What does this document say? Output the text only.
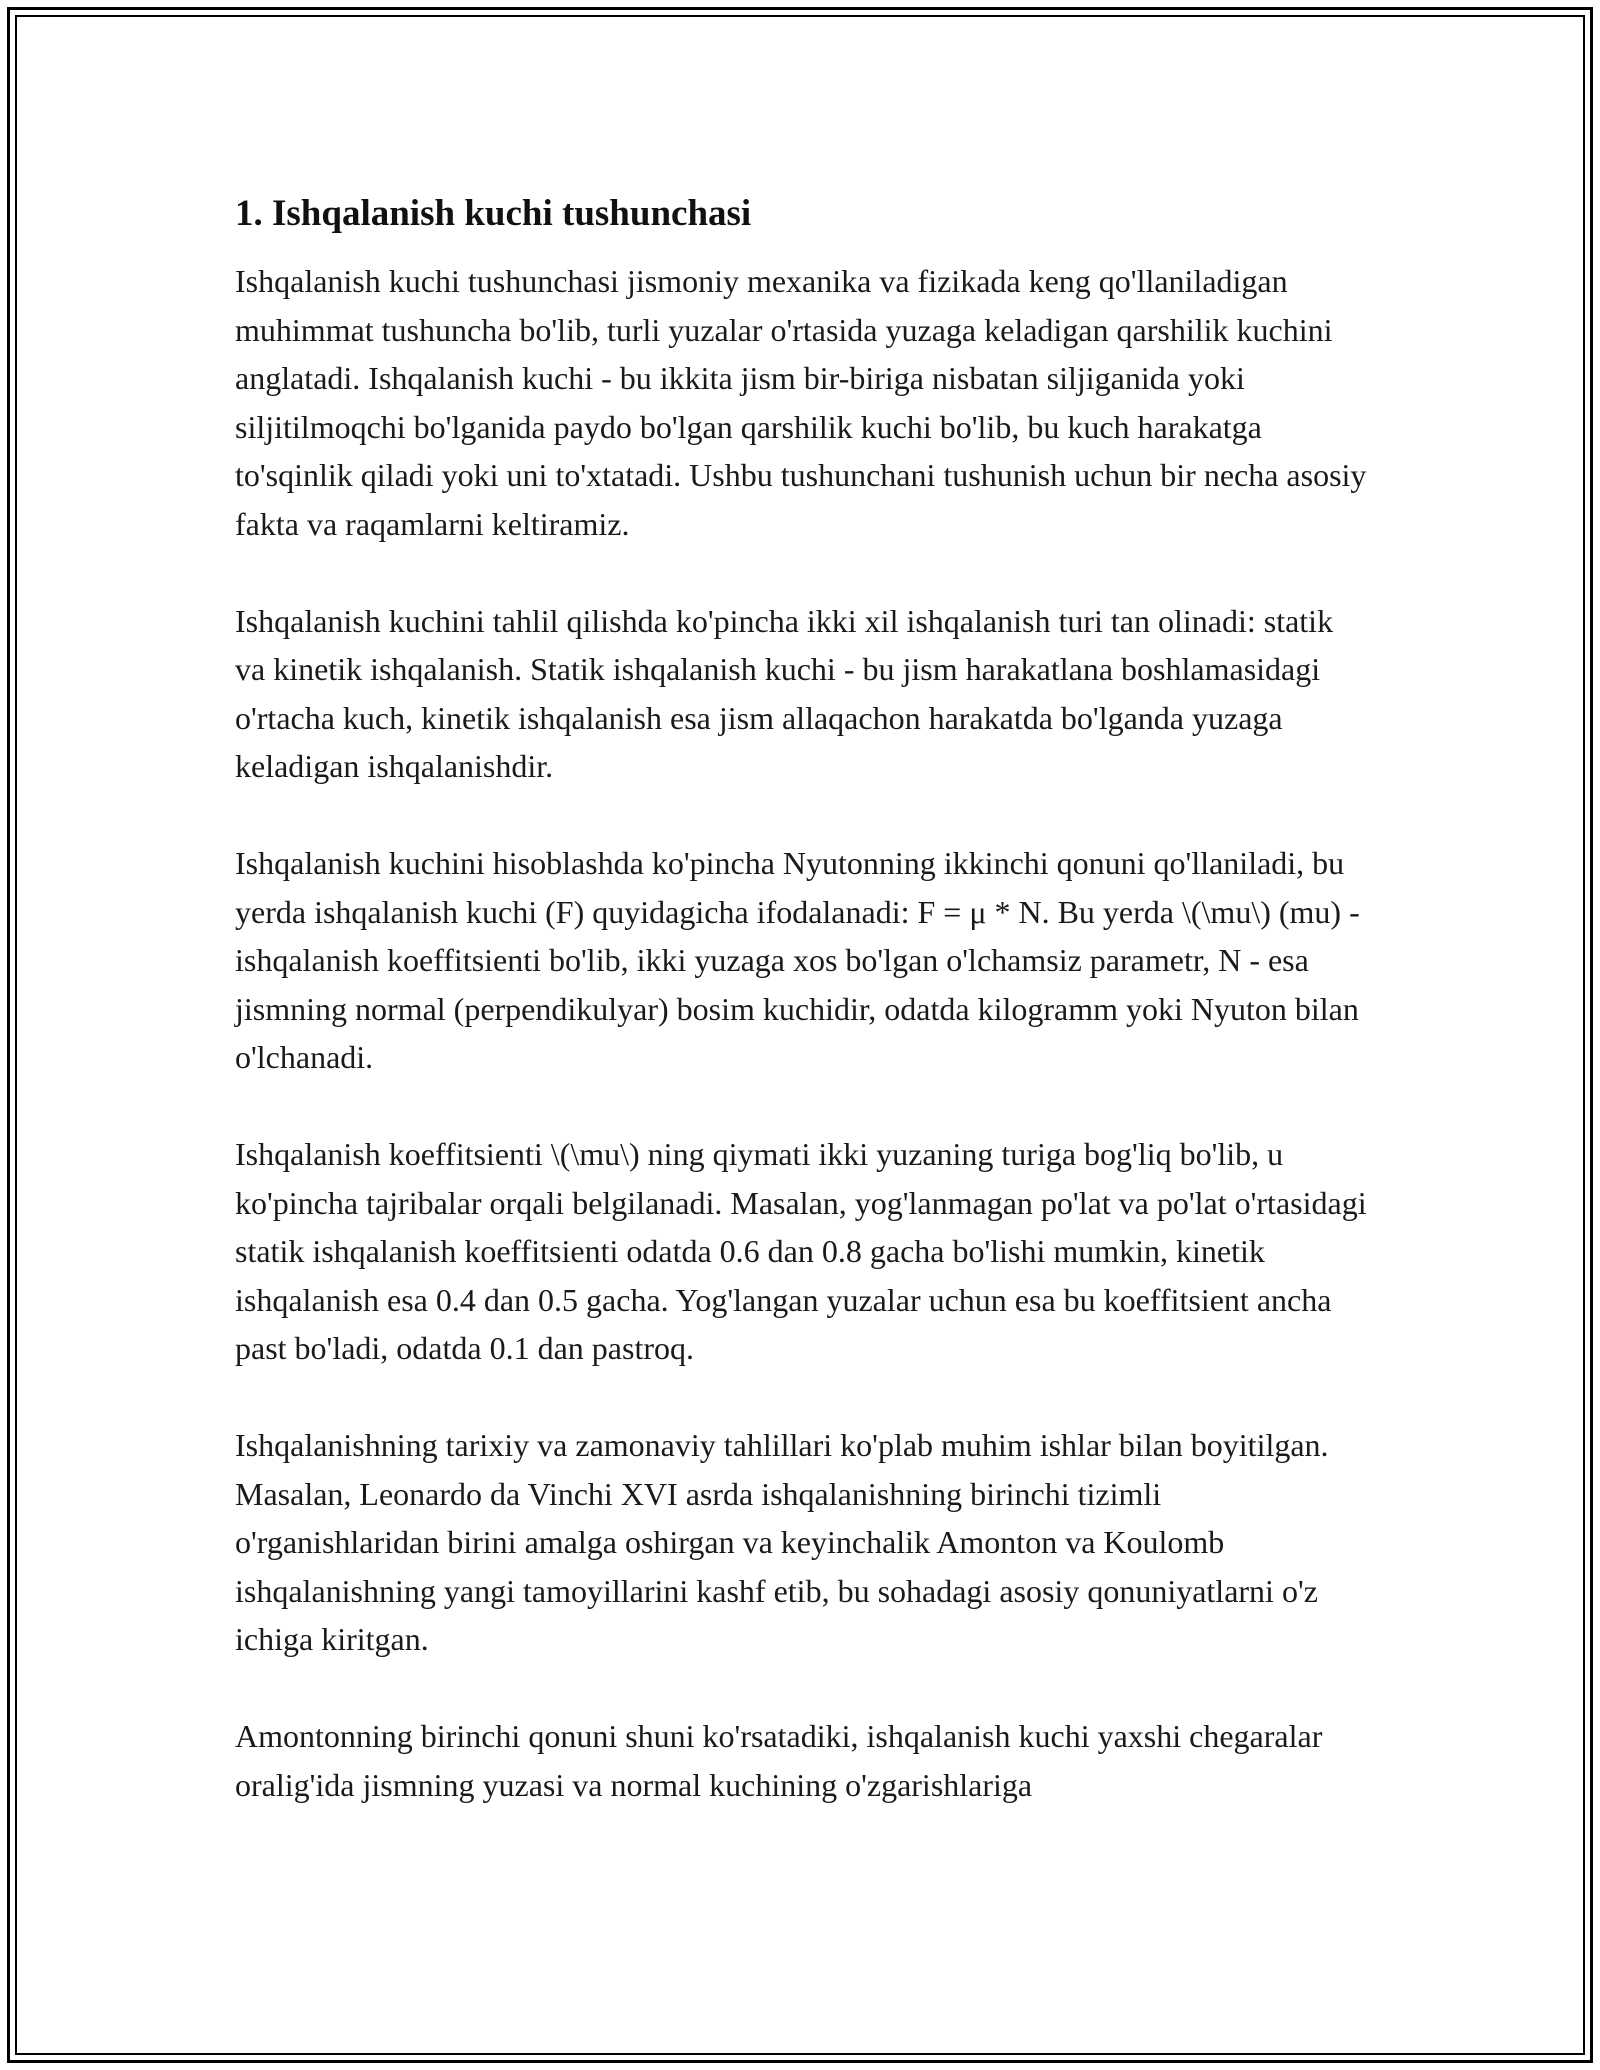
1. Ishqalanish kuchi tushunchasi

Ishqalanish kuchi tushunchasi jismoniy mexanika va fizikada keng qo'llaniladigan muhimmat tushuncha bo'lib, turli yuzalar o'rtasida yuzaga keladigan qarshilik kuchini anglatadi. Ishqalanish kuchi - bu ikkita jism bir-biriga nisbatan siljiganida yoki siljitilmoqchi bo'lganida paydo bo'lgan qarshilik kuchi bo'lib, bu kuch harakatga to'sqinlik qiladi yoki uni to'xtatadi. Ushbu tushunchani tushunish uchun bir necha asosiy fakta va raqamlarni keltiramiz.

Ishqalanish kuchini tahlil qilishda ko'pincha ikki xil ishqalanish turi tan olinadi: statik va kinetik ishqalanish. Statik ishqalanish kuchi - bu jism harakatlana boshlamasidagi o'rtacha kuch, kinetik ishqalanish esa jism allaqachon harakatda bo'lganda yuzaga keladigan ishqalanishdir.

Ishqalanish kuchini hisoblashda ko'pincha Nyutonning ikkinchi qonuni qo'llaniladi, bu yerda ishqalanish kuchi (F) quyidagicha ifodalanadi: F = μ * N. Bu yerda \(\mu\) (mu) - ishqalanish koeffitsienti bo'lib, ikki yuzaga xos bo'lgan o'lchamsiz parametr, N - esa jismning normal (perpendikulyar) bosim kuchidir, odatda kilogramm yoki Nyuton bilan o'lchanadi.

Ishqalanish koeffitsienti \(\mu\) ning qiymati ikki yuzaning turiga bog'liq bo'lib, u ko'pincha tajribalar orqali belgilanadi. Masalan, yog'lanmagan po'lat va po'lat o'rtasidagi statik ishqalanish koeffitsienti odatda 0.6 dan 0.8 gacha bo'lishi mumkin, kinetik ishqalanish esa 0.4 dan 0.5 gacha. Yog'langan yuzalar uchun esa bu koeffitsient ancha past bo'ladi, odatda 0.1 dan pastroq.

Ishqalanishning tarixiy va zamonaviy tahlillari ko'plab muhim ishlar bilan boyitilgan. Masalan, Leonardo da Vinchi XVI asrda ishqalanishning birinchi tizimli o'rganishlaridan birini amalga oshirgan va keyinchalik Amonton va Koulomb ishqalanishning yangi tamoyillarini kashf etib, bu sohadagi asosiy qonuniyatlarni o'z ichiga kiritgan.

Amontonning birinchi qonuni shuni ko'rsatadiki, ishqalanish kuchi yaxshi chegaralar oralig'ida jismning yuzasi va normal kuchining o'zgarishlariga
